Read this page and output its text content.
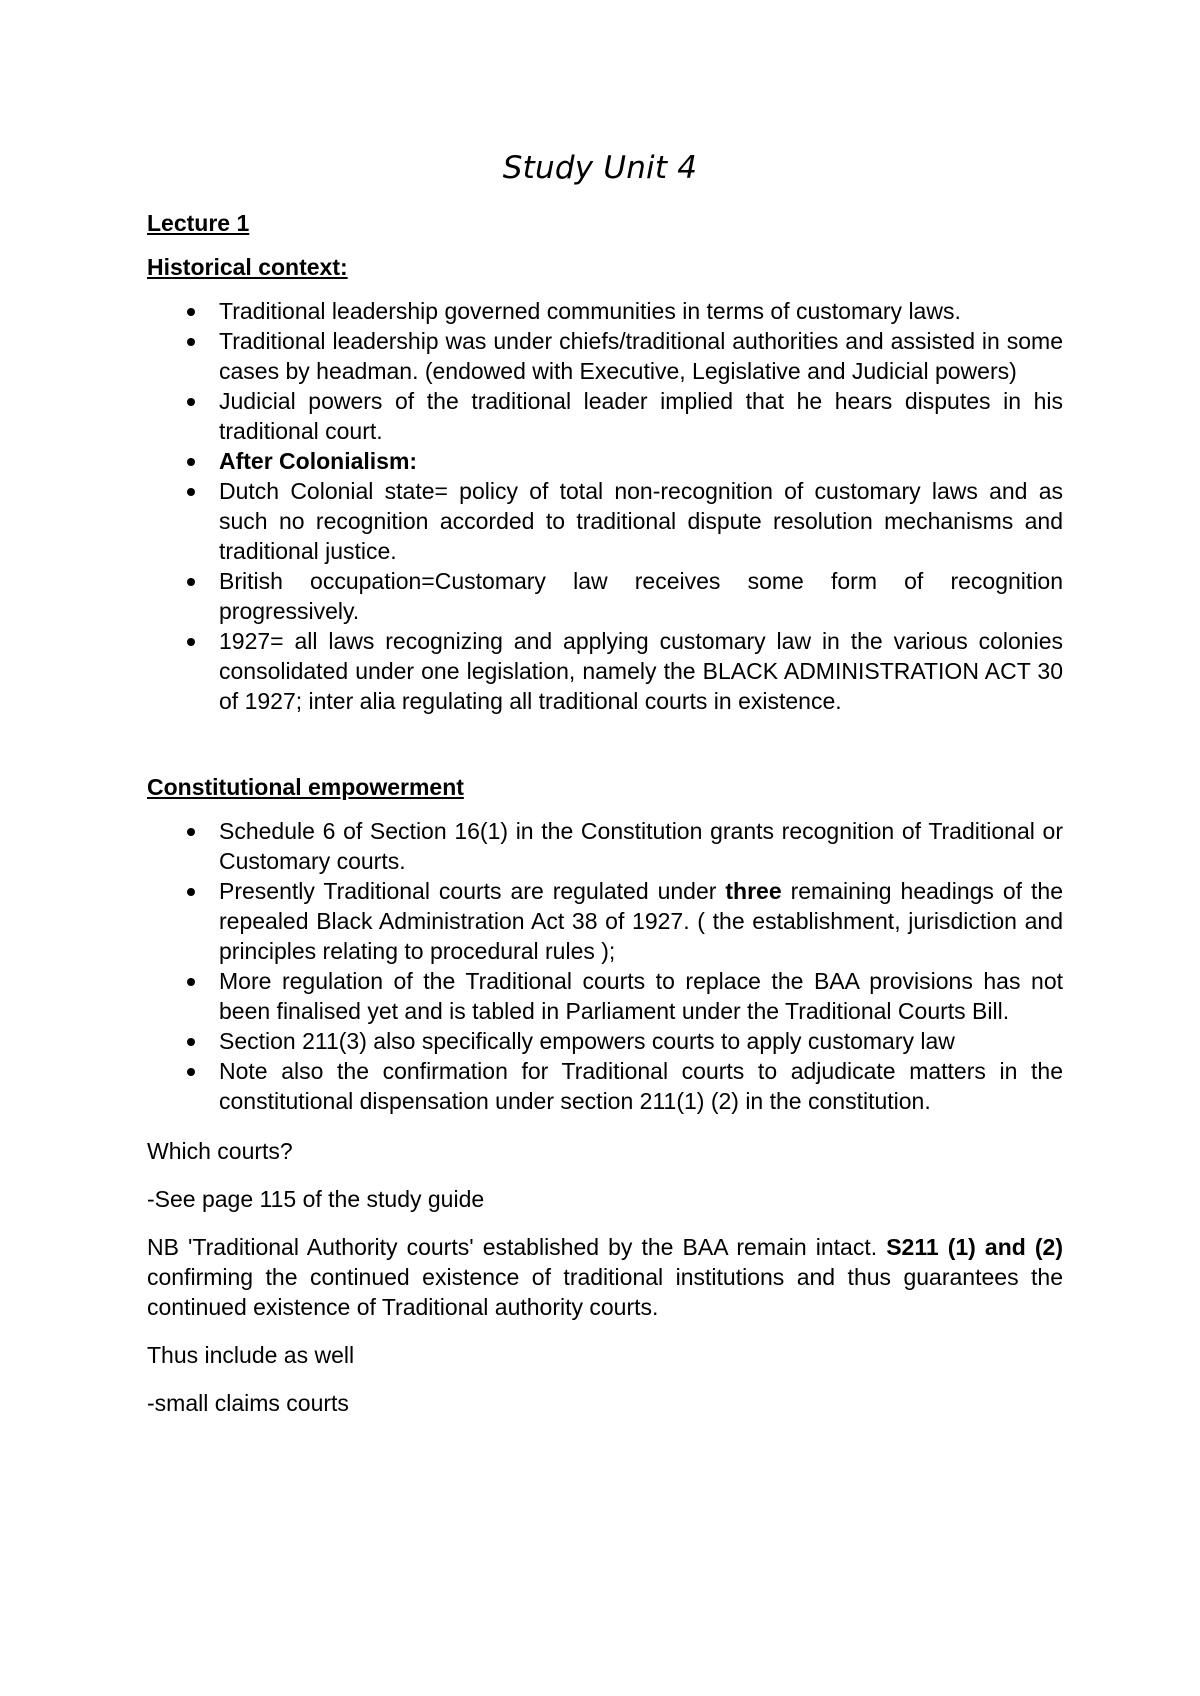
Study Unit 4

Lecture 1

Historical context:

Traditional leadership governed communities in terms of customary laws.
Traditional leadership was under chiefs/traditional authorities and assisted in some cases by headman. (endowed with Executive, Legislative and Judicial powers)
Judicial powers of the traditional leader implied that he hears disputes in his traditional court.
After Colonialism:
Dutch Colonial state= policy of total non-recognition of customary laws and as such no recognition accorded to traditional dispute resolution mechanisms and traditional justice.
British occupation=Customary law receives some form of recognition progressively.
1927= all laws recognizing and applying customary law in the various colonies consolidated under one legislation, namely the BLACK ADMINISTRATION ACT 30 of 1927; inter alia regulating all traditional courts in existence.

Constitutional empowerment

Schedule 6 of Section 16(1) in the Constitution grants recognition of Traditional or Customary courts.
Presently Traditional courts are regulated under three remaining headings of the repealed Black Administration Act 38 of 1927. ( the establishment, jurisdiction and principles relating to procedural rules );
More regulation of the Traditional courts to replace the BAA provisions has not been finalised yet and is tabled in Parliament under the Traditional Courts Bill.
Section 211(3) also specifically empowers courts to apply customary law
Note also the confirmation for Traditional courts to adjudicate matters in the constitutional dispensation under section 211(1) (2) in the constitution.

Which courts?

-See page 115 of the study guide

NB 'Traditional Authority courts' established by the BAA remain intact. S211 (1) and (2) confirming the continued existence of traditional institutions and thus guarantees the continued existence of Traditional authority courts.

Thus include as well

-small claims courts
